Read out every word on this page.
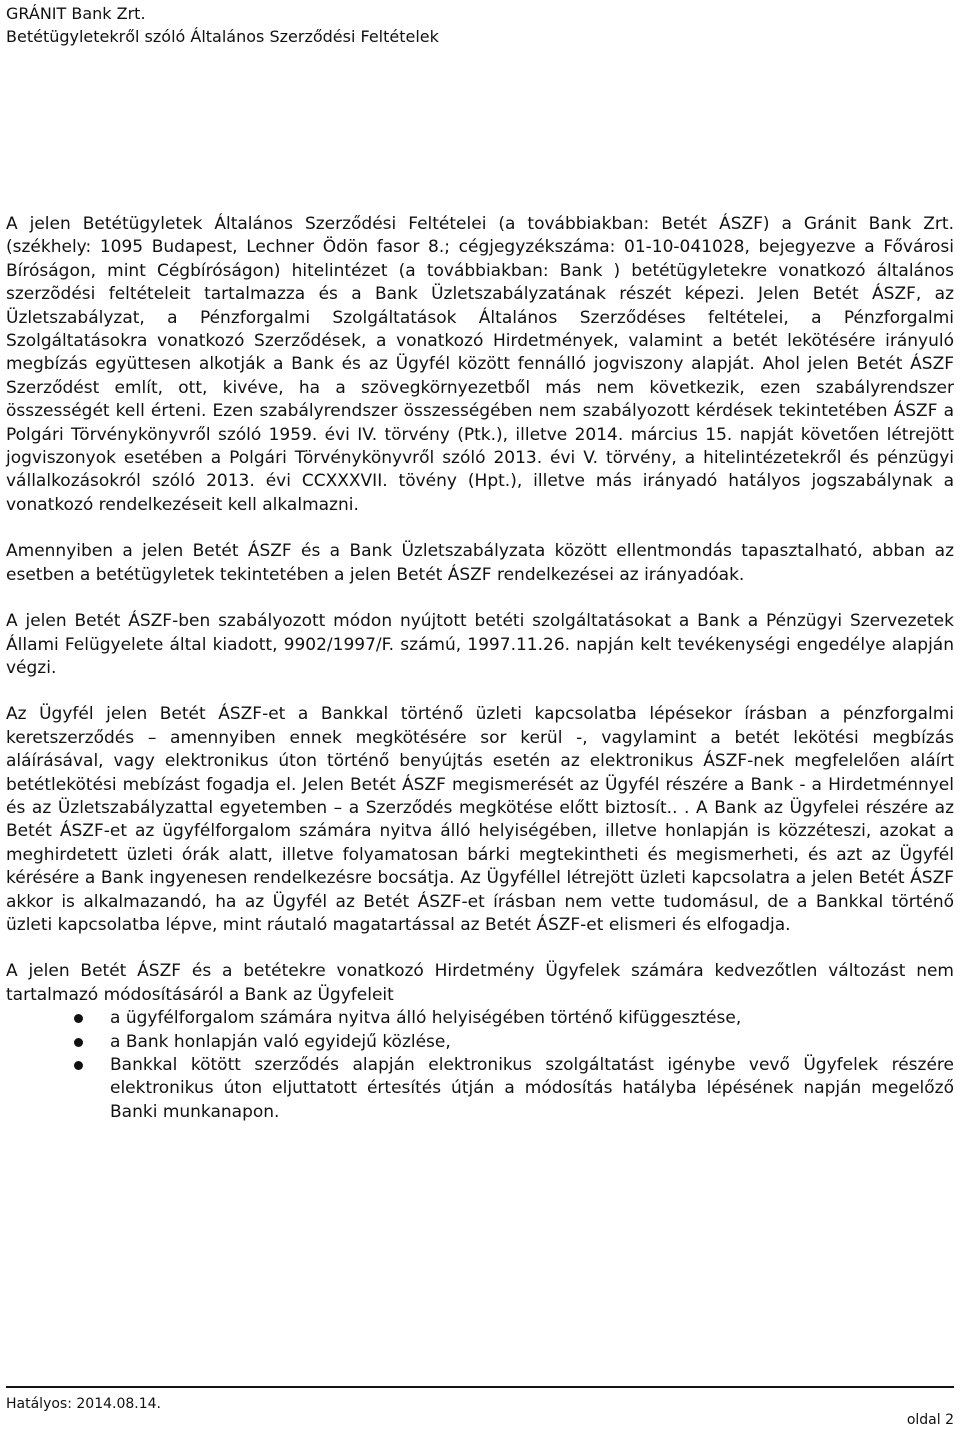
GRÁNIT Bank Zrt.
Betétügyletekről szóló Általános Szerződési Feltételek

A jelen Betétügyletek Általános Szerződési Feltételei (a továbbiakban: Betét ÁSZF) a Gránit Bank Zrt. (székhely: 1095 Budapest, Lechner Ödön fasor 8.; cégjegyzékszáma: 01-10-041028, bejegyezve a Fővárosi Bíróságon, mint Cégbíróságon) hitelintézet (a továbbiakban: Bank ) betétügyletekre vonatkozó általános szerzõdési feltételeit tartalmazza és a Bank Üzletszabályzatának részét képezi. Jelen Betét ÁSZF, az Üzletszabályzat, a Pénzforgalmi Szolgáltatások Általános Szerződéses feltételei, a Pénzforgalmi Szolgáltatásokra vonatkozó Szerződések, a vonatkozó Hirdetmények, valamint a betét lekötésére irányuló megbízás együttesen alkotják a Bank és az Ügyfél között fennálló jogviszony alapját. Ahol jelen Betét ÁSZF Szerződést említ, ott, kivéve, ha a szövegkörnyezetből más nem következik, ezen szabályrendszer összességét kell érteni. Ezen szabályrendszer összességében nem szabályozott kérdések tekintetében ÁSZF a Polgári Törvénykönyvről szóló 1959. évi IV. törvény (Ptk.), illetve 2014. március 15. napját követően létrejött jogviszonyok esetében a Polgári Törvénykönyvről szóló 2013. évi V. törvény, a hitelintézetekről és pénzügyi vállalkozásokról szóló 2013. évi CCXXXVII. tövény (Hpt.), illetve más irányadó hatályos jogszabálynak a vonatkozó rendelkezéseit kell alkalmazni.

Amennyiben a jelen Betét ÁSZF és a Bank Üzletszabályzata között ellentmondás tapasztalható, abban az esetben a betétügyletek tekintetében a jelen Betét ÁSZF rendelkezései az irányadóak.

A jelen Betét ÁSZF-ben szabályozott módon nyújtott betéti szolgáltatásokat a Bank a Pénzügyi Szervezetek Állami Felügyelete által kiadott, 9902/1997/F. számú, 1997.11.26. napján kelt tevékenységi engedélye alapján végzi.

Az Ügyfél jelen Betét ÁSZF-et a Bankkal történő üzleti kapcsolatba lépésekor írásban a pénzforgalmi keretszerződés – amennyiben ennek megkötésére sor kerül -, vagylamint a betét lekötési megbízás aláírásával, vagy elektronikus úton történő benyújtás esetén az elektronikus ÁSZF-nek megfelelően aláírt betétlekötési mebízást fogadja el. Jelen Betét ÁSZF megismerését az Ügyfél részére a Bank - a Hirdetménnyel és az Üzletszabályzattal egyetemben – a Szerződés megkötése előtt biztosít.. . A Bank az Ügyfelei részére az Betét ÁSZF-et az ügyfélforgalom számára nyitva álló helyiségében, illetve honlapján is közzéteszi, azokat a meghirdetett üzleti órák alatt, illetve folyamatosan bárki megtekintheti és megismerheti, és azt az Ügyfél kérésére a Bank ingyenesen rendelkezésre bocsátja. Az Ügyféllel létrejött üzleti kapcsolatra a jelen Betét ÁSZF akkor is alkalmazandó, ha az Ügyfél az Betét ÁSZF-et írásban nem vette tudomásul, de a Bankkal történő üzleti kapcsolatba lépve, mint ráutaló magatartással az Betét ÁSZF-et elismeri és elfogadja.

A jelen Betét ÁSZF és a betétekre vonatkozó Hirdetmény Ügyfelek számára kedvezőtlen változást nem tartalmazó módosításáról a Bank az Ügyfeleit

a ügyfélforgalom számára nyitva álló helyiségében történő kifüggesztése,
a Bank honlapján való egyidejű közlése,
Bankkal kötött szerződés alapján elektronikus szolgáltatást igénybe vevő Ügyfelek részére elektronikus úton eljuttatott értesítés útján a módosítás hatályba lépésének napján megelőző Banki munkanapon.
Hatályos: 2014.08.14.
oldal 2
